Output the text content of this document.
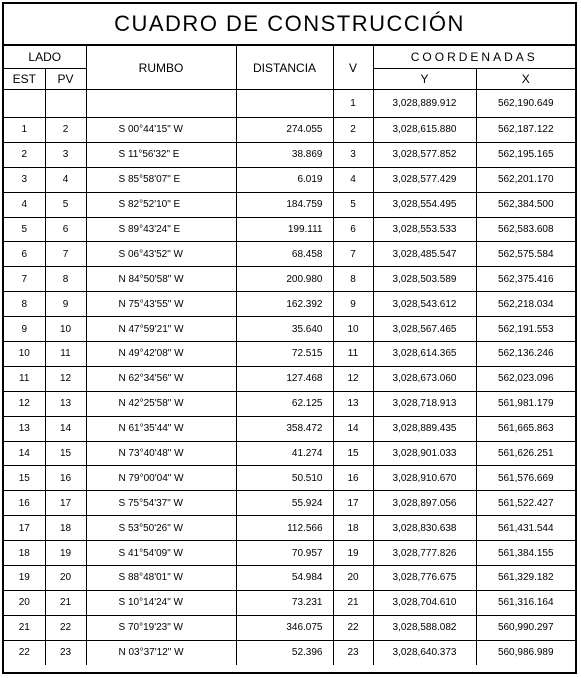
CUADRO DE CONSTRUCCIÓN
LADO		RUMBO	DISTANCIA	V	COORDENADAS	
EST	PV				Y	X
				1	3,028,889.912	562,190.649
1	2	S 00°44'15" W	274.055	2	3,028,615.880	562,187.122
2	3	S 11°56'32" E	38.869	3	3,028,577.852	562,195.165
3	4	S 85°58'07" E	6.019	4	3,028,577.429	562,201.170
4	5	S 82°52'10" E	184.759	5	3,028,554.495	562,384.500
5	6	S 89°43'24" E	199.111	6	3,028,553.533	562,583.608
6	7	S 06°43'52" W	68.458	7	3,028,485.547	562,575.584
7	8	N 84°50'58" W	200.980	8	3,028,503.589	562,375.416
8	9	N 75°43'55" W	162.392	9	3,028,543.612	562,218.034
9	10	N 47°59'21" W	35.640	10	3,028,567.465	562,191.553
10	11	N 49°42'08" W	72.515	11	3,028,614.365	562,136.246
11	12	N 62°34'56" W	127.468	12	3,028,673.060	562,023.096
12	13	N 42°25'58" W	62.125	13	3,028,718.913	561,981.179
13	14	N 61°35'44" W	358.472	14	3,028,889.435	561,665.863
14	15	N 73°40'48" W	41.274	15	3,028,901.033	561,626.251
15	16	N 79°00'04" W	50.510	16	3,028,910.670	561,576.669
16	17	S 75°54'37" W	55.924	17	3,028,897.056	561,522.427
17	18	S 53°50'26" W	112.566	18	3,028,830.638	561,431.544
18	19	S 41°54'09" W	70.957	19	3,028,777.826	561,384.155
19	20	S 88°48'01" W	54.984	20	3,028,776.675	561,329.182
20	21	S 10°14'24" W	73.231	21	3,028,704.610	561,316.164
21	22	S 70°19'23" W	346.075	22	3,028,588.082	560,990.297
22	23	N 03°37'12" W	52.396	23	3,028,640.373	560,986.989
